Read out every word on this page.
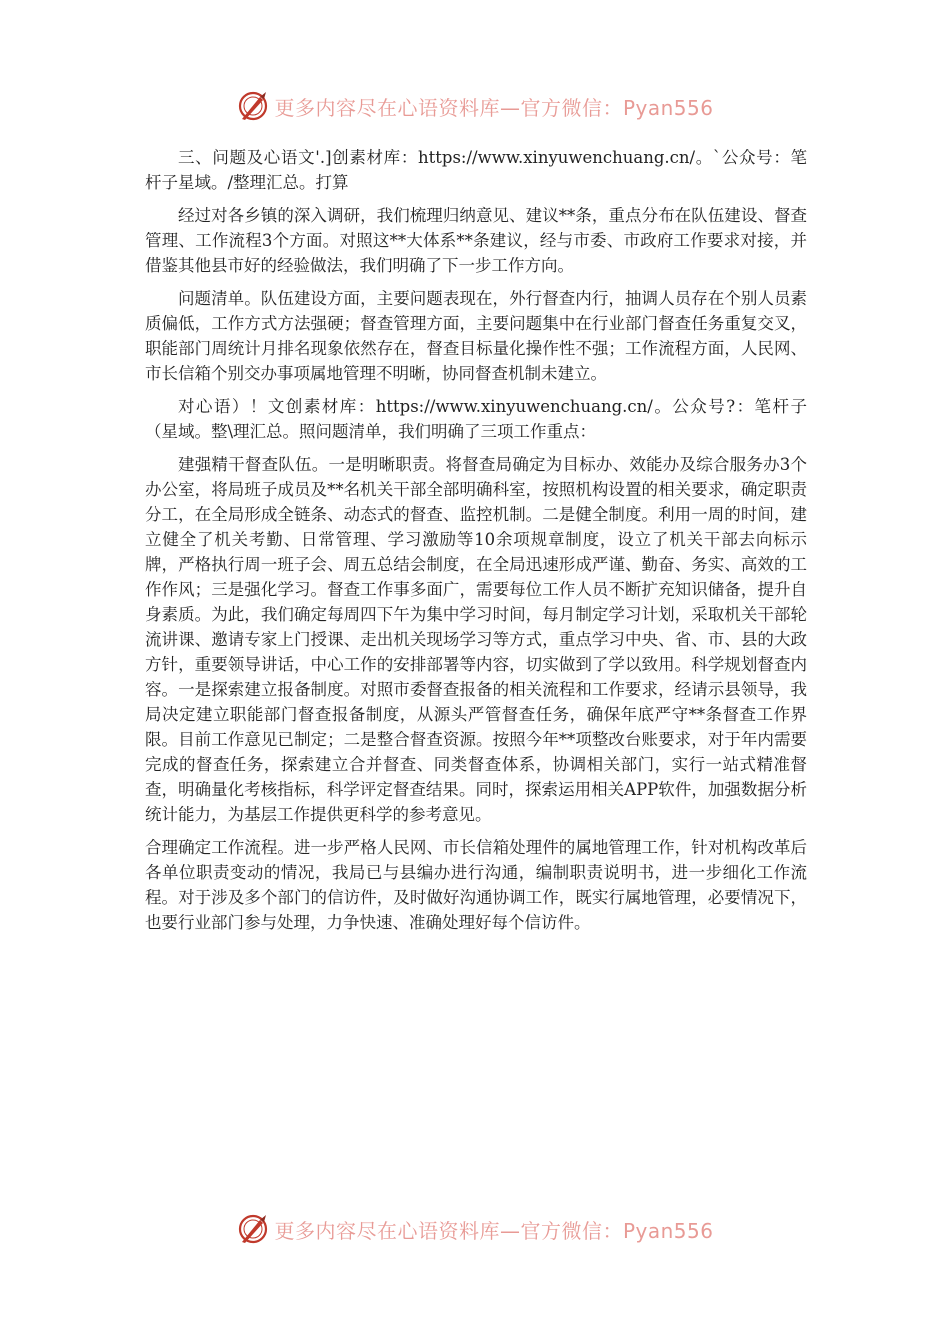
更多内容尽在心语资料库—官方微信：Pyan556

三、问题及心语文'.]创素材库：https://www.xinyuwenchuang.cn/。`公众号：笔杆子星域。/整理汇总。打算

经过对各乡镇的深入调研，我们梳理归纳意见、建议**条，重点分布在队伍建设、督查管理、工作流程3个方面。对照这**大体系**条建议，经与市委、市政府工作要求对接，并借鉴其他县市好的经验做法，我们明确了下一步工作方向。

问题清单。队伍建设方面，主要问题表现在，外行督查内行，抽调人员存在个别人员素质偏低，工作方式方法强硬；督查管理方面，主要问题集中在行业部门督查任务重复交叉，职能部门周统计月排名现象依然存在，督查目标量化操作性不强；工作流程方面，人民网、市长信箱个别交办事项属地管理不明晰，协同督查机制未建立。

对心语）！文创素材库：https://www.xinyuwenchuang.cn/。公众号?：笔杆子（星域。整\理汇总。照问题清单，我们明确了三项工作重点：

建强精干督查队伍。一是明晰职责。将督查局确定为目标办、效能办及综合服务办3个办公室，将局班子成员及**名机关干部全部明确科室，按照机构设置的相关要求，确定职责分工，在全局形成全链条、动态式的督查、监控机制。二是健全制度。利用一周的时间，建立健全了机关考勤、日常管理、学习激励等10余项规章制度，设立了机关干部去向标示牌，严格执行周一班子会、周五总结会制度，在全局迅速形成严谨、勤奋、务实、高效的工作作风；三是强化学习。督查工作事多面广，需要每位工作人员不断扩充知识储备，提升自身素质。为此，我们确定每周四下午为集中学习时间，每月制定学习计划，采取机关干部轮流讲课、邀请专家上门授课、走出机关现场学习等方式，重点学习中央、省、市、县的大政方针，重要领导讲话，中心工作的安排部署等内容，切实做到了学以致用。科学规划督查内容。一是探索建立报备制度。对照市委督查报备的相关流程和工作要求，经请示县领导，我局决定建立职能部门督查报备制度，从源头严管督查任务，确保年底严守**条督查工作界限。目前工作意见已制定；二是整合督查资源。按照今年**项整改台账要求，对于年内需要完成的督查任务，探索建立合并督查、同类督查体系，协调相关部门，实行一站式精准督查，明确量化考核指标，科学评定督查结果。同时，探索运用相关APP软件，加强数据分析统计能力，为基层工作提供更科学的参考意见。

合理确定工作流程。进一步严格人民网、市长信箱处理件的属地管理工作，针对机构改革后各单位职责变动的情况，我局已与县编办进行沟通，编制职责说明书，进一步细化工作流程。对于涉及多个部门的信访件，及时做好沟通协调工作，既实行属地管理，必要情况下，也要行业部门参与处理，力争快速、准确处理好每个信访件。

更多内容尽在心语资料库—官方微信：Pyan556
